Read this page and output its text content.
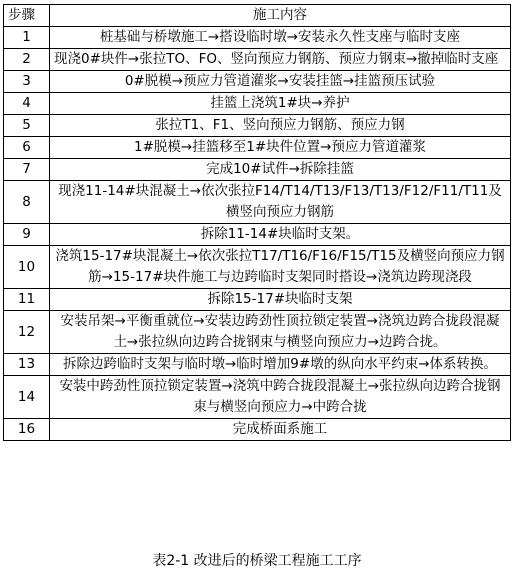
步骤	施工内容
1	桩基础与桥墩施工→搭设临时墩→安装永久性支座与临时支座
2	现浇0#块件→张拉TO、FO、竖向预应力钢筋、预应力钢束→撤掉临时支座
3	0#脱模→预应力管道灌浆→安装挂篮→挂篮预压试验
4	挂篮上浇筑1#块→养护
5	张拉T1、F1、竖向预应力钢筋、预应力钢
6	1#脱模→挂篮移至1#块件位置→预应力管道灌浆
7	完成10#试件→拆除挂篮
8	现浇11-14#块混凝土→依次张拉F14/T14/T13/F13/T13/F12/F11/T11及横竖向预应力钢筋
9	拆除11-14#块临时支架。
10	浇筑15-17#块混凝土→依次张拉T17/T16/F16/F15/T15及横竖向预应力钢筋→15-17#块件施工与边跨临时支架同时搭设→浇筑边跨现浇段
11	拆除15-17#块临时支架
12	安装吊架→平衡重就位→安装边跨劲性顶拉锁定装置→浇筑边跨合拢段混凝土→张拉纵向边跨合拢钢束与横竖向预应力→边跨合拢。
13	拆除边跨临时支架与临时墩→临时增加9#墩的纵向水平约束→体系转换。
14	安装中跨劲性顶拉锁定装置→浇筑中跨合拢段混凝土→张拉纵向边跨合拢钢束与横竖向预应力→中跨合拢
16	完成桥面系施工
表2-1 改进后的桥梁工程施工工序
